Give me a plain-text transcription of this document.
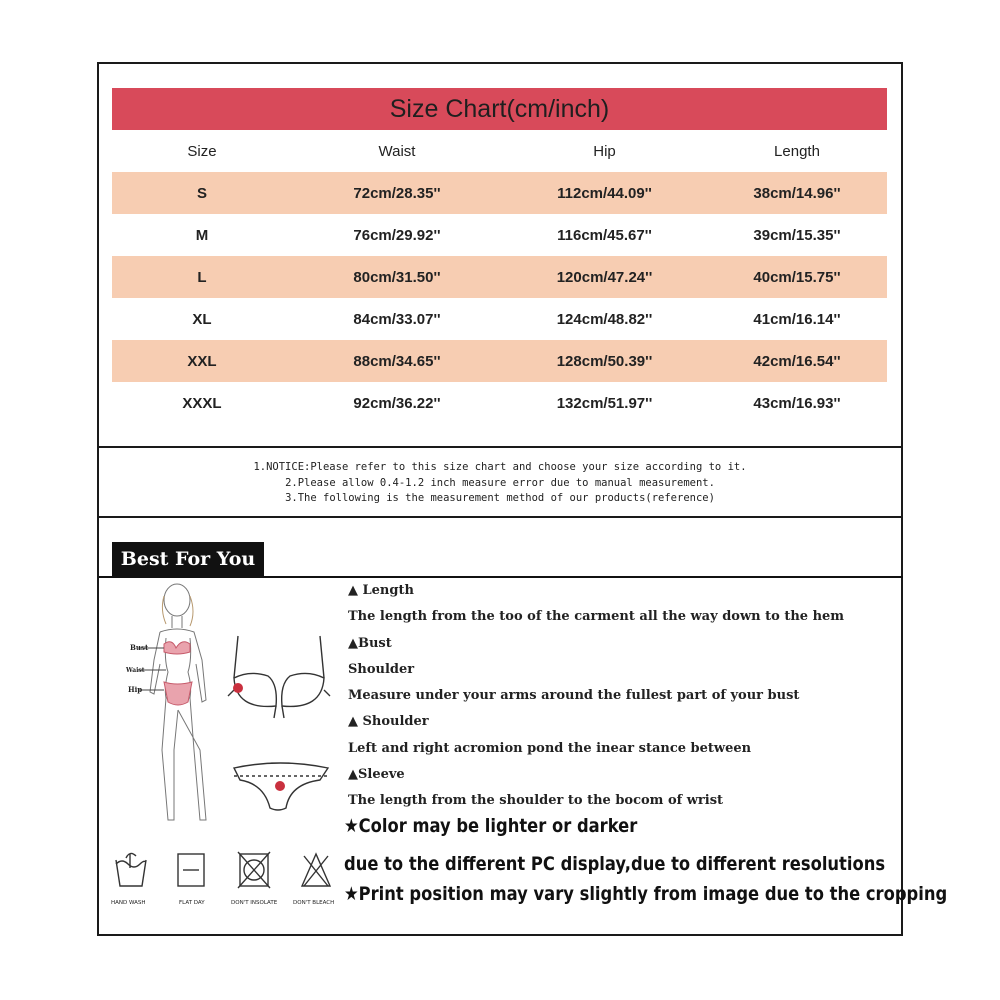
Size Chart(cm/inch)
Size	Waist	Hip	Length
S	72cm/28.35''	112cm/44.09''	38cm/14.96''
M	76cm/29.92''	116cm/45.67''	39cm/15.35''
L	80cm/31.50''	120cm/47.24''	40cm/15.75''
XL	84cm/33.07''	124cm/48.82''	41cm/16.14''
XXL	88cm/34.65''	128cm/50.39''	42cm/16.54''
XXXL	92cm/36.22''	132cm/51.97''	43cm/16.93''
1.NOTICE:Please refer to this size chart and choose your size according to it.
2.Please allow 0.4-1.2 inch measure error due to manual measurement.
3.The following is the measurement method of our products(reference)
Best For You
Bust
Waist
Hip
HAND WASH	FLAT DAY	DON'T INSOLATE	DON'T BLEACH
▲ Length
The length from the too of the carment all the way down to the hem
▲Bust
Shoulder
Measure under your arms around the fullest part of your bust
▲ Shoulder
Left and right acromion pond the inear stance between
▲Sleeve
The length from the shoulder to the bocom of wrist
★Color may be lighter or darker
due to the different PC display,due to different resolutions
★Print position may vary slightly from image due to the cropping
